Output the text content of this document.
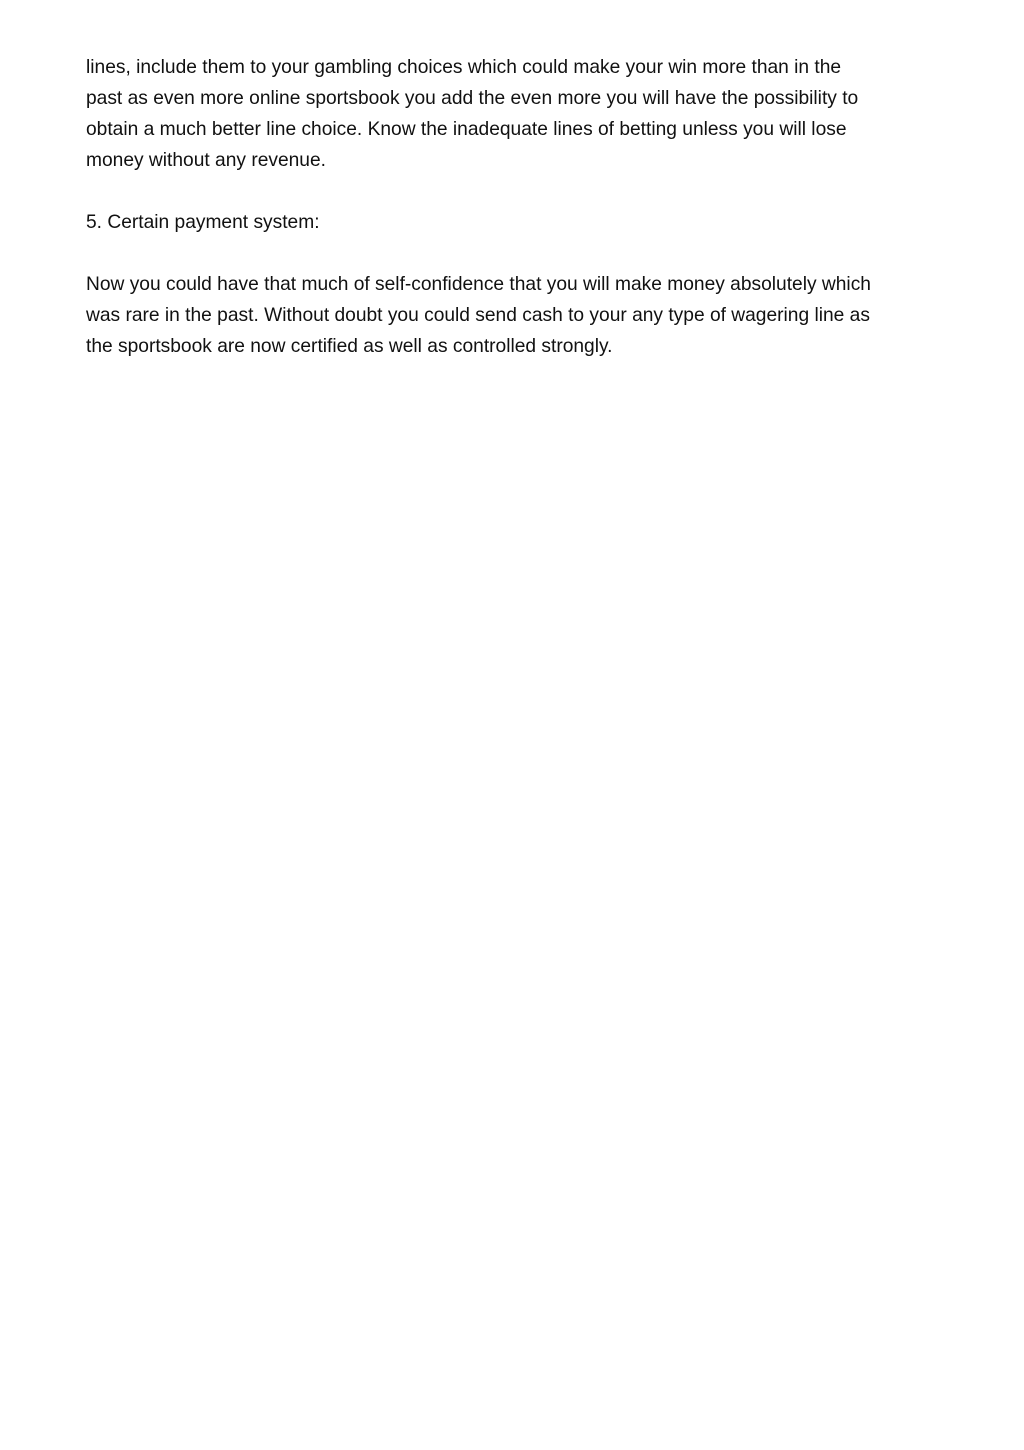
lines, include them to your gambling choices which could make your win more than in the
past as even more online sportsbook you add the even more you will have the possibility to
obtain a much better line choice. Know the inadequate lines of betting unless you will lose
money without any revenue.

5. Certain payment system:

Now you could have that much of self-confidence that you will make money absolutely which
was rare in the past. Without doubt you could send cash to your any type of wagering line as
the sportsbook are now certified as well as controlled strongly.
